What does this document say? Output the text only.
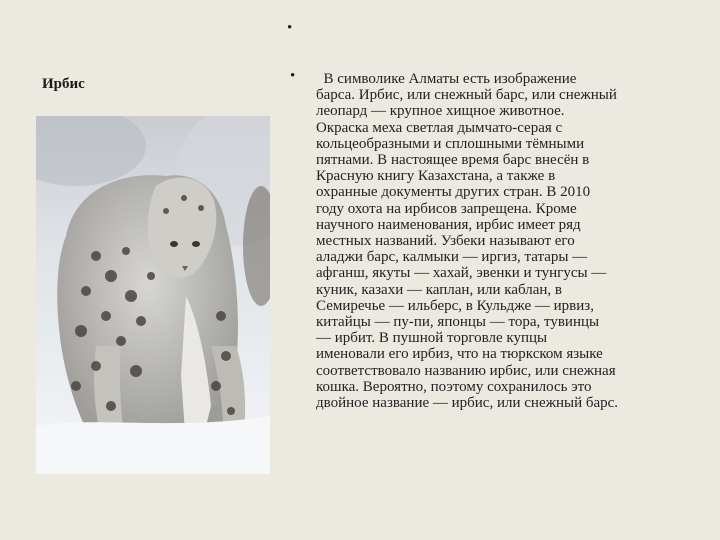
•
Ирбис	• В символике Алматы есть изображение
барса. Ирбис, или снежный барс, или снежный
леопард — крупное хищное животное.
Окраска меха светлая дымчато-серая с
кольцеобразными и сплошными тёмными
пятнами. В настоящее время барс внесён в
Красную книгу Казахстана, а также в
охранные документы других стран. В 2010
году охота на ирбисов запрещена. Кроме
научного наименования, ирбис имеет ряд
местных названий. Узбеки называют его
аладжи барс, калмыки — иргиз, татары —
афганш, якуты — хахай, эвенки и тунгусы —
куник, казахи — каплан, или каблан, в
Семиречье — ильберс, в Кульдже — ирвиз,
китайцы — пу-пи, японцы — тора, тувинцы
— ирбит. В пушной торговле купцы
именовали его ирбиз, что на тюркском языке
соответствовало названию ирбис, или снежная
кошка. Вероятно, поэтому сохранилось это
двойное название — ирбис, или снежный барс.
